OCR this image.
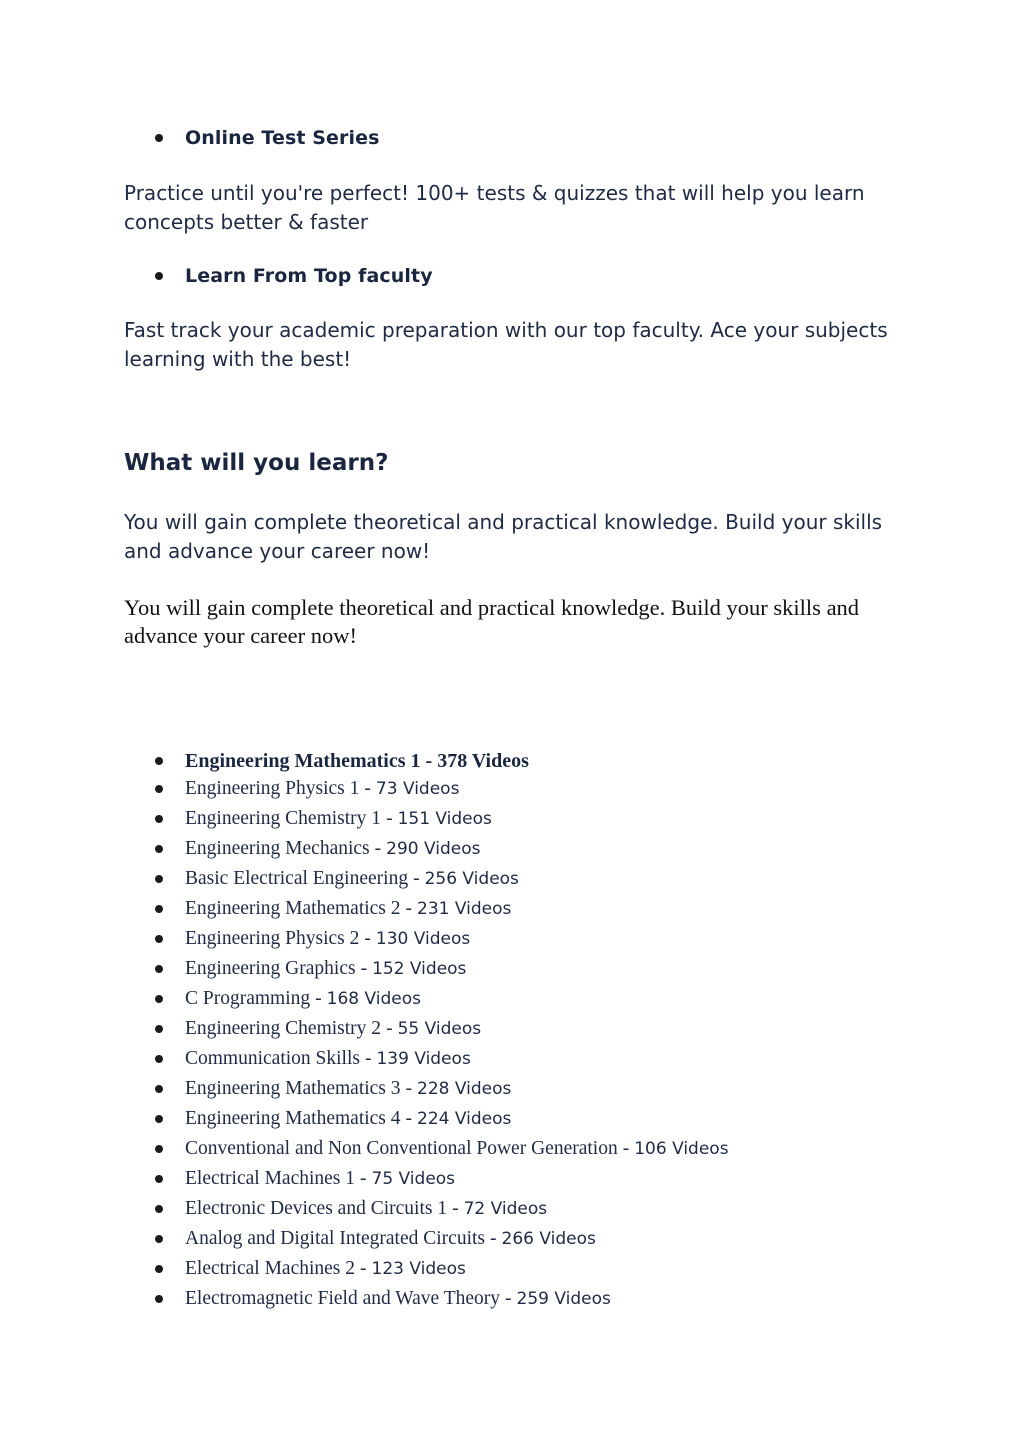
Online Test Series

Practice until you're perfect! 100+ tests & quizzes that will help you learn concepts better & faster

Learn From Top faculty

Fast track your academic preparation with our top faculty. Ace your subjects learning with the best!

What will you learn?

You will gain complete theoretical and practical knowledge. Build your skills and advance your career now!

You will gain complete theoretical and practical knowledge. Build your skills and advance your career now!

Engineering Mathematics 1 - 378 Videos
Engineering Physics 1 - 73 Videos
Engineering Chemistry 1 - 151 Videos
Engineering Mechanics - 290 Videos
Basic Electrical Engineering - 256 Videos
Engineering Mathematics 2 - 231 Videos
Engineering Physics 2 - 130 Videos
Engineering Graphics - 152 Videos
C Programming - 168 Videos
Engineering Chemistry 2 - 55 Videos
Communication Skills - 139 Videos
Engineering Mathematics 3 - 228 Videos
Engineering Mathematics 4 - 224 Videos
Conventional and Non Conventional Power Generation - 106 Videos
Electrical Machines 1 - 75 Videos
Electronic Devices and Circuits 1 - 72 Videos
Analog and Digital Integrated Circuits - 266 Videos
Electrical Machines 2 - 123 Videos
Electromagnetic Field and Wave Theory - 259 Videos
